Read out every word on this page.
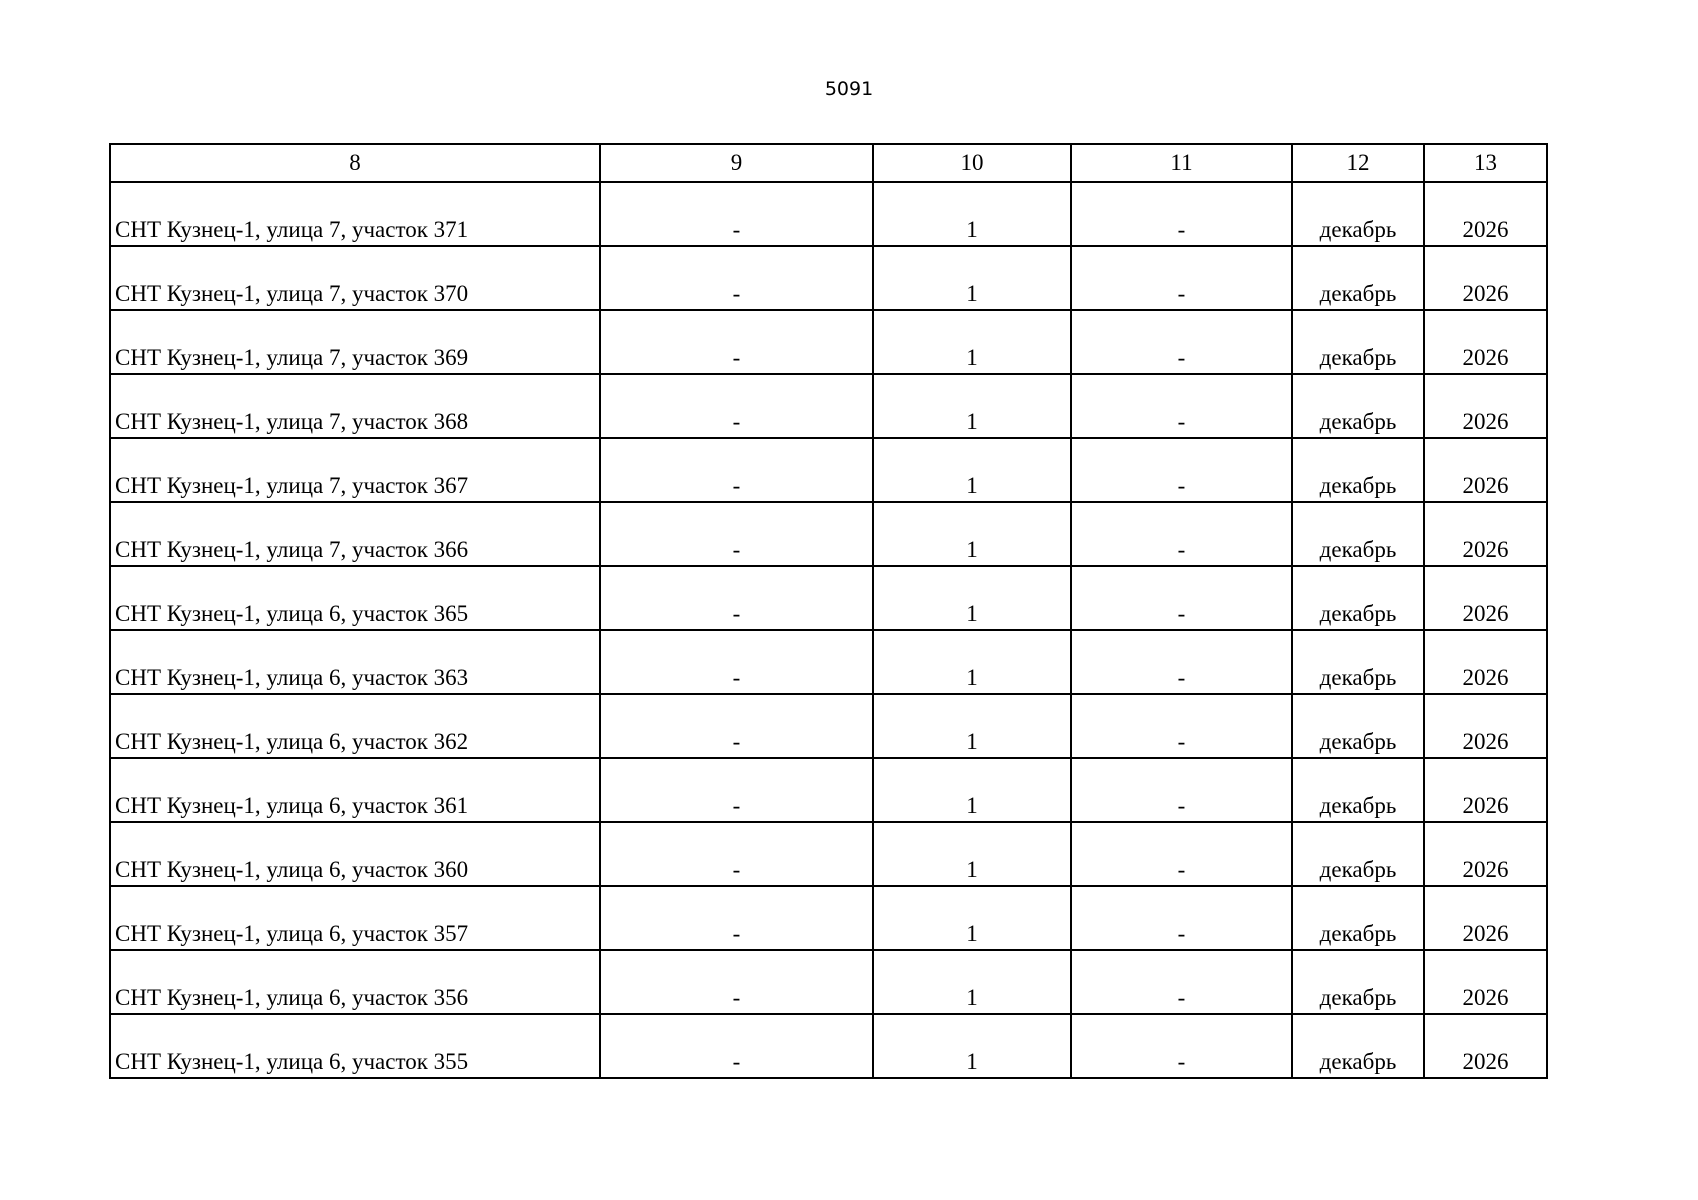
5091
8	9	10	11	12	13
СНТ Кузнец-1, улица 7, участок 371	-	1	-	декабрь	2026
СНТ Кузнец-1, улица 7, участок 370	-	1	-	декабрь	2026
СНТ Кузнец-1, улица 7, участок 369	-	1	-	декабрь	2026
СНТ Кузнец-1, улица 7, участок 368	-	1	-	декабрь	2026
СНТ Кузнец-1, улица 7, участок 367	-	1	-	декабрь	2026
СНТ Кузнец-1, улица 7, участок 366	-	1	-	декабрь	2026
СНТ Кузнец-1, улица 6, участок 365	-	1	-	декабрь	2026
СНТ Кузнец-1, улица 6, участок 363	-	1	-	декабрь	2026
СНТ Кузнец-1, улица 6, участок 362	-	1	-	декабрь	2026
СНТ Кузнец-1, улица 6, участок 361	-	1	-	декабрь	2026
СНТ Кузнец-1, улица 6, участок 360	-	1	-	декабрь	2026
СНТ Кузнец-1, улица 6, участок 357	-	1	-	декабрь	2026
СНТ Кузнец-1, улица 6, участок 356	-	1	-	декабрь	2026
СНТ Кузнец-1, улица 6, участок 355	-	1	-	декабрь	2026
